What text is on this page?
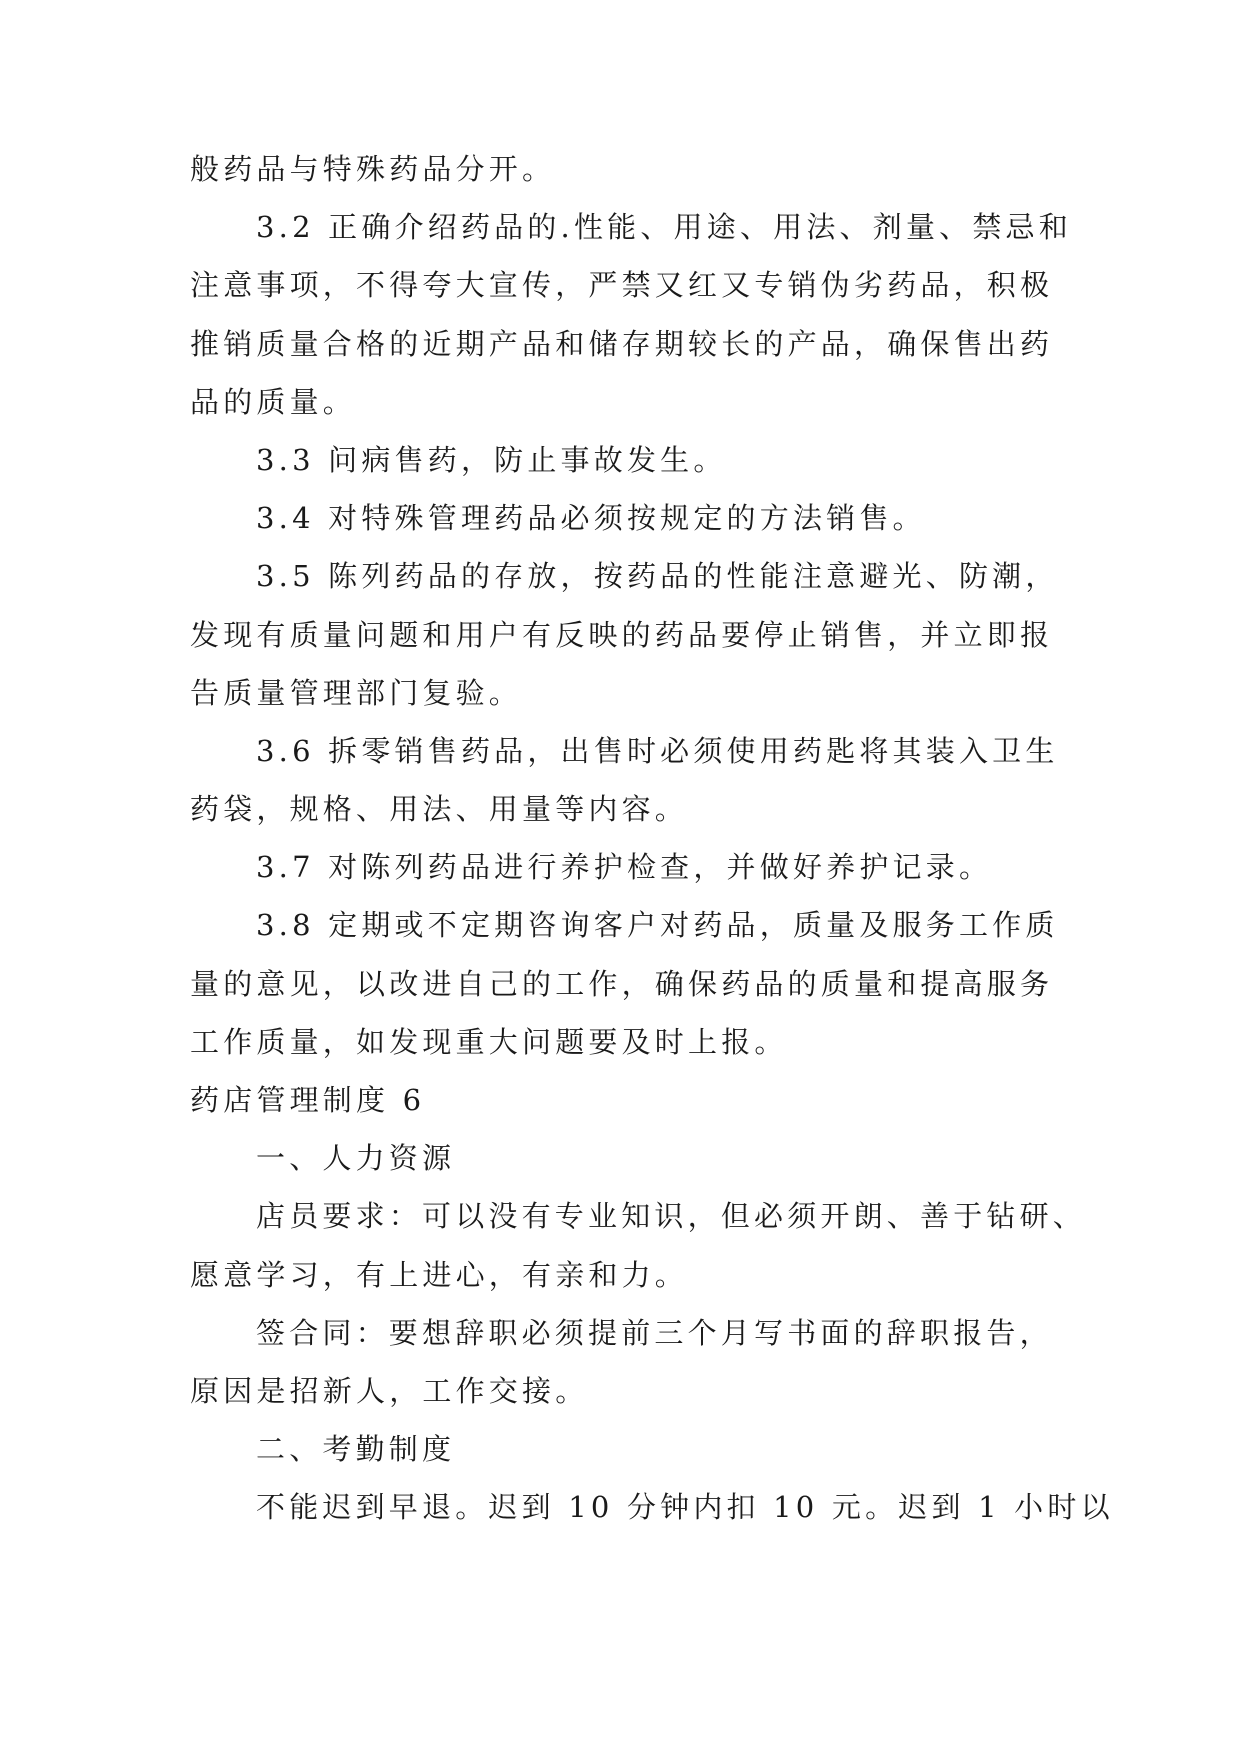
般药品与特殊药品分开。
3.2 正确介绍药品的.性能、用途、用法、剂量、禁忌和
注意事项，不得夸大宣传，严禁又红又专销伪劣药品，积极
推销质量合格的近期产品和储存期较长的产品，确保售出药
品的质量。
3.3 问病售药，防止事故发生。
3.4 对特殊管理药品必须按规定的方法销售。
3.5 陈列药品的存放，按药品的性能注意避光、防潮，
发现有质量问题和用户有反映的药品要停止销售，并立即报
告质量管理部门复验。
3.6 拆零销售药品，出售时必须使用药匙将其装入卫生
药袋，规格、用法、用量等内容。
3.7 对陈列药品进行养护检查，并做好养护记录。
3.8 定期或不定期咨询客户对药品，质量及服务工作质
量的意见，以改进自己的工作，确保药品的质量和提高服务
工作质量，如发现重大问题要及时上报。
药店管理制度 6
一、人力资源
店员要求：可以没有专业知识，但必须开朗、善于钻研、
愿意学习，有上进心，有亲和力。
签合同：要想辞职必须提前三个月写书面的辞职报告，
原因是招新人，工作交接。
二、考勤制度
不能迟到早退。迟到 10 分钟内扣 10 元。迟到 1 小时以
